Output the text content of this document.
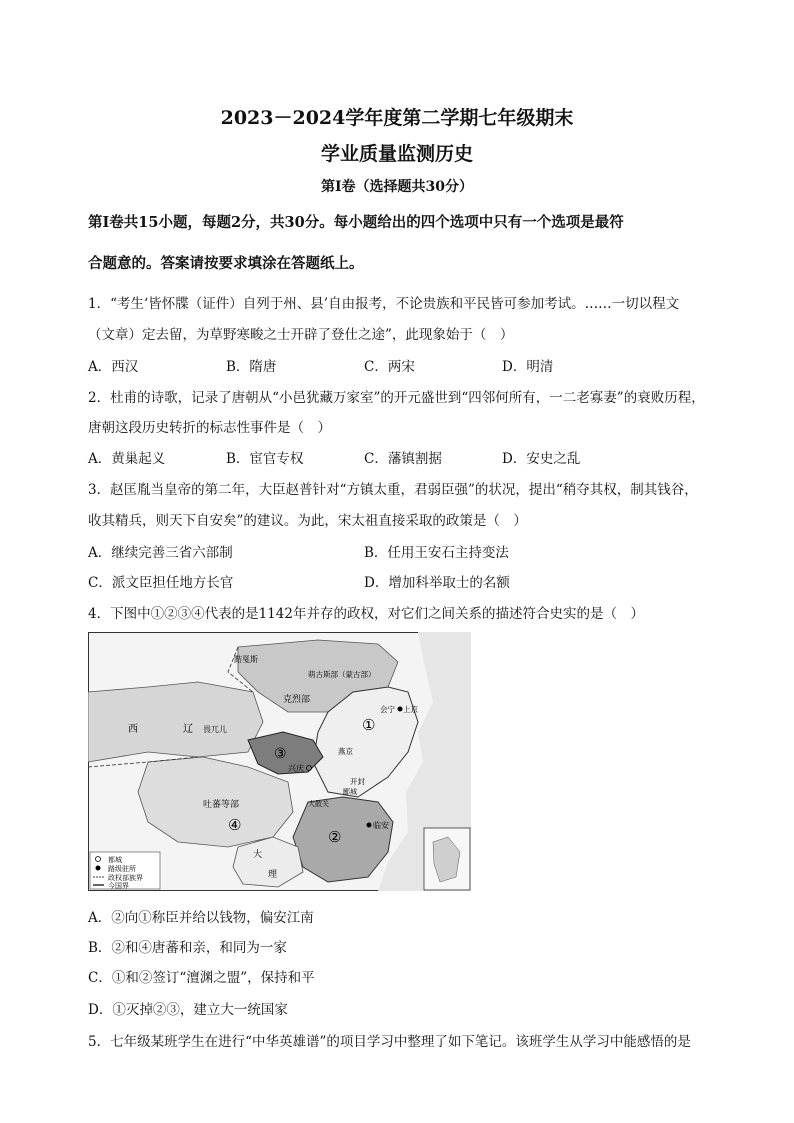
2023－2024学年度第二学期七年级期末
学业质量监测历史
第Ⅰ卷（选择题共30分）
第Ⅰ卷共15小题，每题2分，共30分。每小题给出的四个选项中只有一个选项是最符
合题意的。答案请按要求填涂在答题纸上。
1．“考生‘皆怀牒（证件）自列于州、县’自由报考，不论贵族和平民皆可参加考试。……一切以程文
（文章）定去留，为草野寒畯之士开辟了登仕之途”，此现象始于（　）
A．西汉	B．隋唐	C．两宋	D．明清
2．杜甫的诗歌，记录了唐朝从“小邑犹藏万家室”的开元盛世到“四邻何所有，一二老寡妻”的衰败历程，
唐朝这段历史转折的标志性事件是（　）
A．黄巢起义	B．宦官专权	C．藩镇割据	D．安史之乱
3．赵匡胤当皇帝的第二年，大臣赵普针对“方镇太重，君弱臣强”的状况，提出“稍夺其权，制其钱谷，
收其精兵，则天下自安矣”的建议。为此，宋太祖直接采取的政策是（　）
A．继续完善三省六部制	B．任用王安石主持变法
C．派文臣担任地方长官	D．增加科举取士的名额
4．下图中①②③④代表的是1142年并存的政权，对它们之间关系的描述符合史实的是（　）
都城
路级驻所
政权部族界
今国界
黠戛斯
萌古斯部（蒙古部）
克烈部
西	辽 畏兀儿	①
会宁 上京
燕京
③
兴庆
开封
郾城
大散关
②
临安
吐蕃等部
④
大
理
A．②向①称臣并给以钱物，偏安江南
B．②和④唐蕃和亲，和同为一家
C．①和②签订“澶渊之盟”，保持和平
D．①灭掉②③，建立大一统国家
5．七年级某班学生在进行“中华英雄谱”的项目学习中整理了如下笔记。该班学生从学习中能感悟的是
